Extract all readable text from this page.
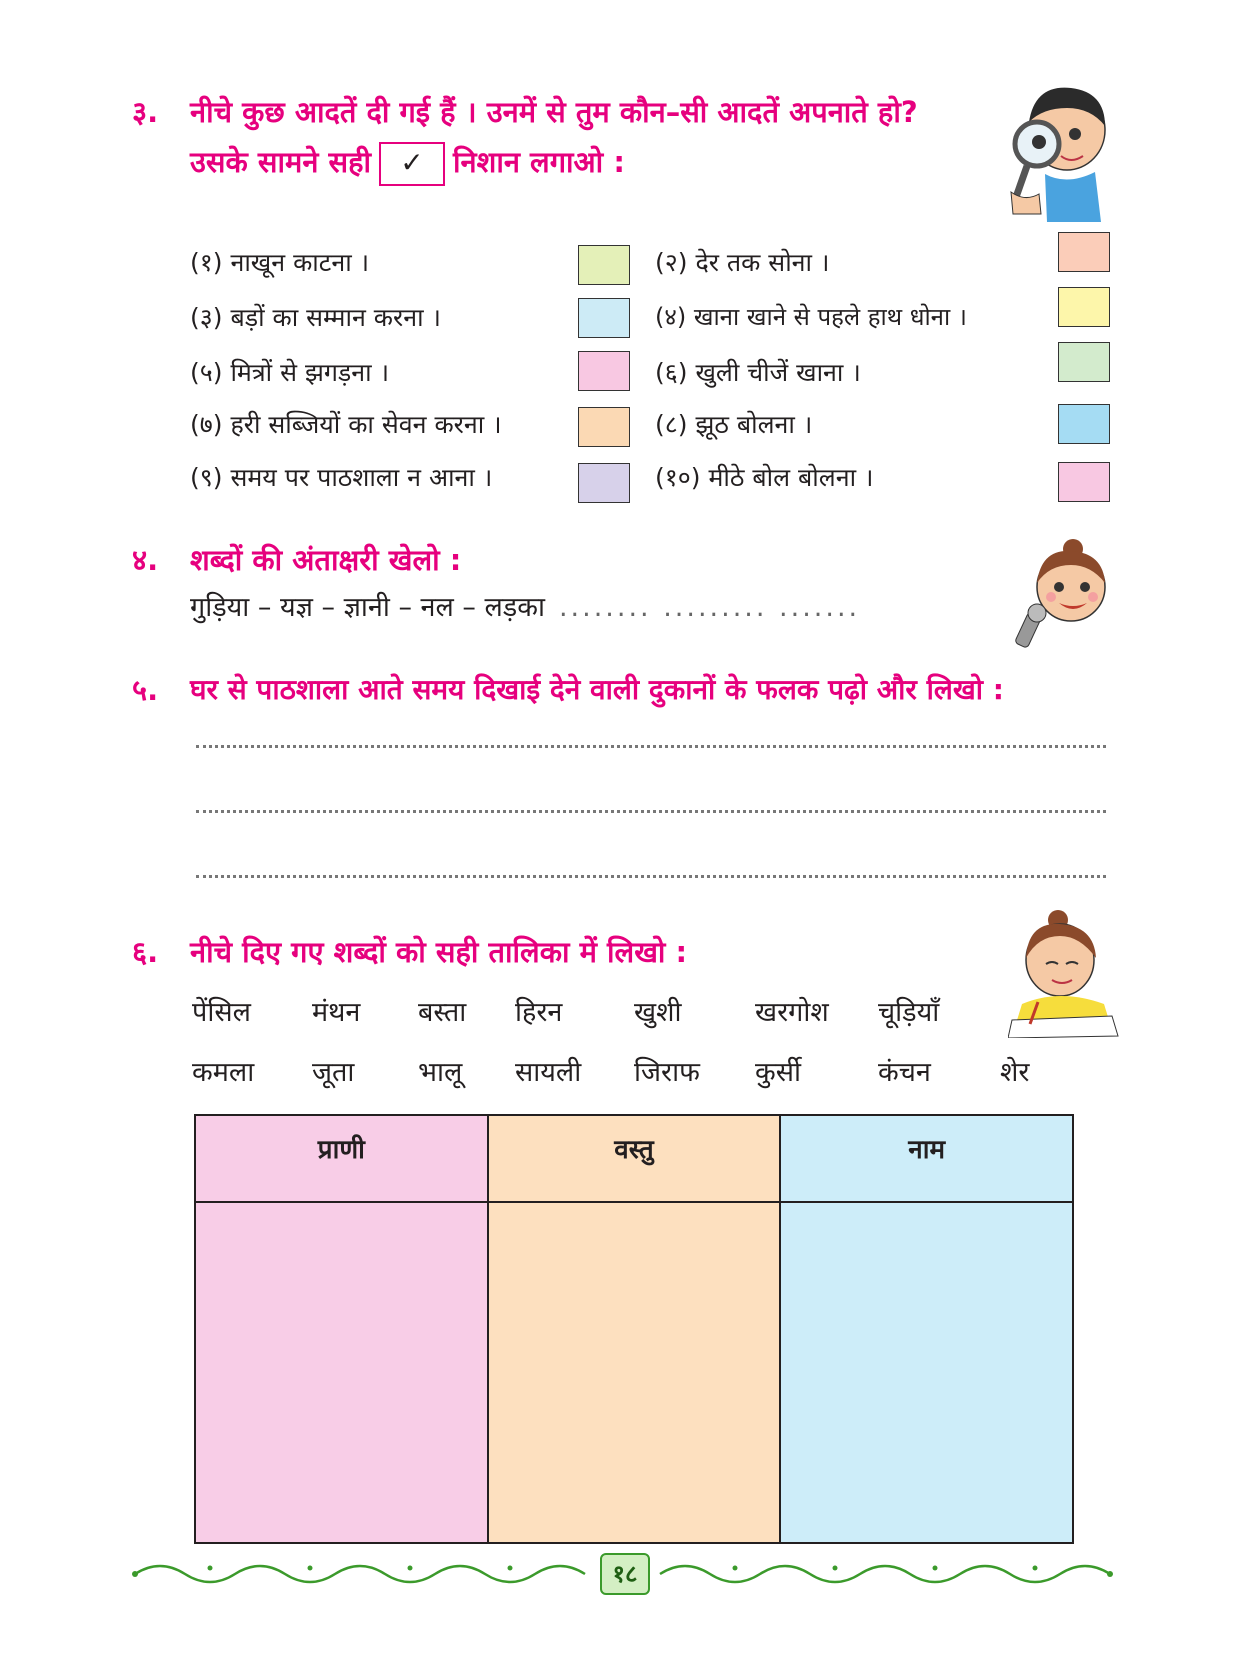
३. नीचे कुछ आदतें दी गई हैं । उनमें से तुम कौन–सी आदतें अपनाते हो?
उसके सामने सही ✓ निशान लगाओ :
(१) नाखून काटना ।
(३) बड़ों का सम्मान करना ।
(५) मित्रों से झगड़ना ।
(७) हरी सब्जियों का सेवन करना ।
(९) समय पर पाठशाला न आना ।
(२) देर तक सोना ।
(४) खाना खाने से पहले हाथ धोना ।
(६) खुली चीजें खाना ।
(८) झूठ बोलना ।
(१०) मीठे बोल बोलना ।
४. शब्दों की अंताक्षरी खेलो :
गुड़िया – यज्ञ – ज्ञानी – नल – लड़का ........ ......... .......
५. घर से पाठशाला आते समय दिखाई देने वाली दुकानों के फलक पढ़ो और लिखो :
६. नीचे दिए गए शब्दों को सही तालिका में लिखो :
पेंसिल मंथन बस्ता हिरन	खुशी	खरगोश चूड़ियाँ
कमला जूता भालू सायली जिराफ कुर्सी	कंचन	शेर
प्राणी	वस्तु	नाम

१८
